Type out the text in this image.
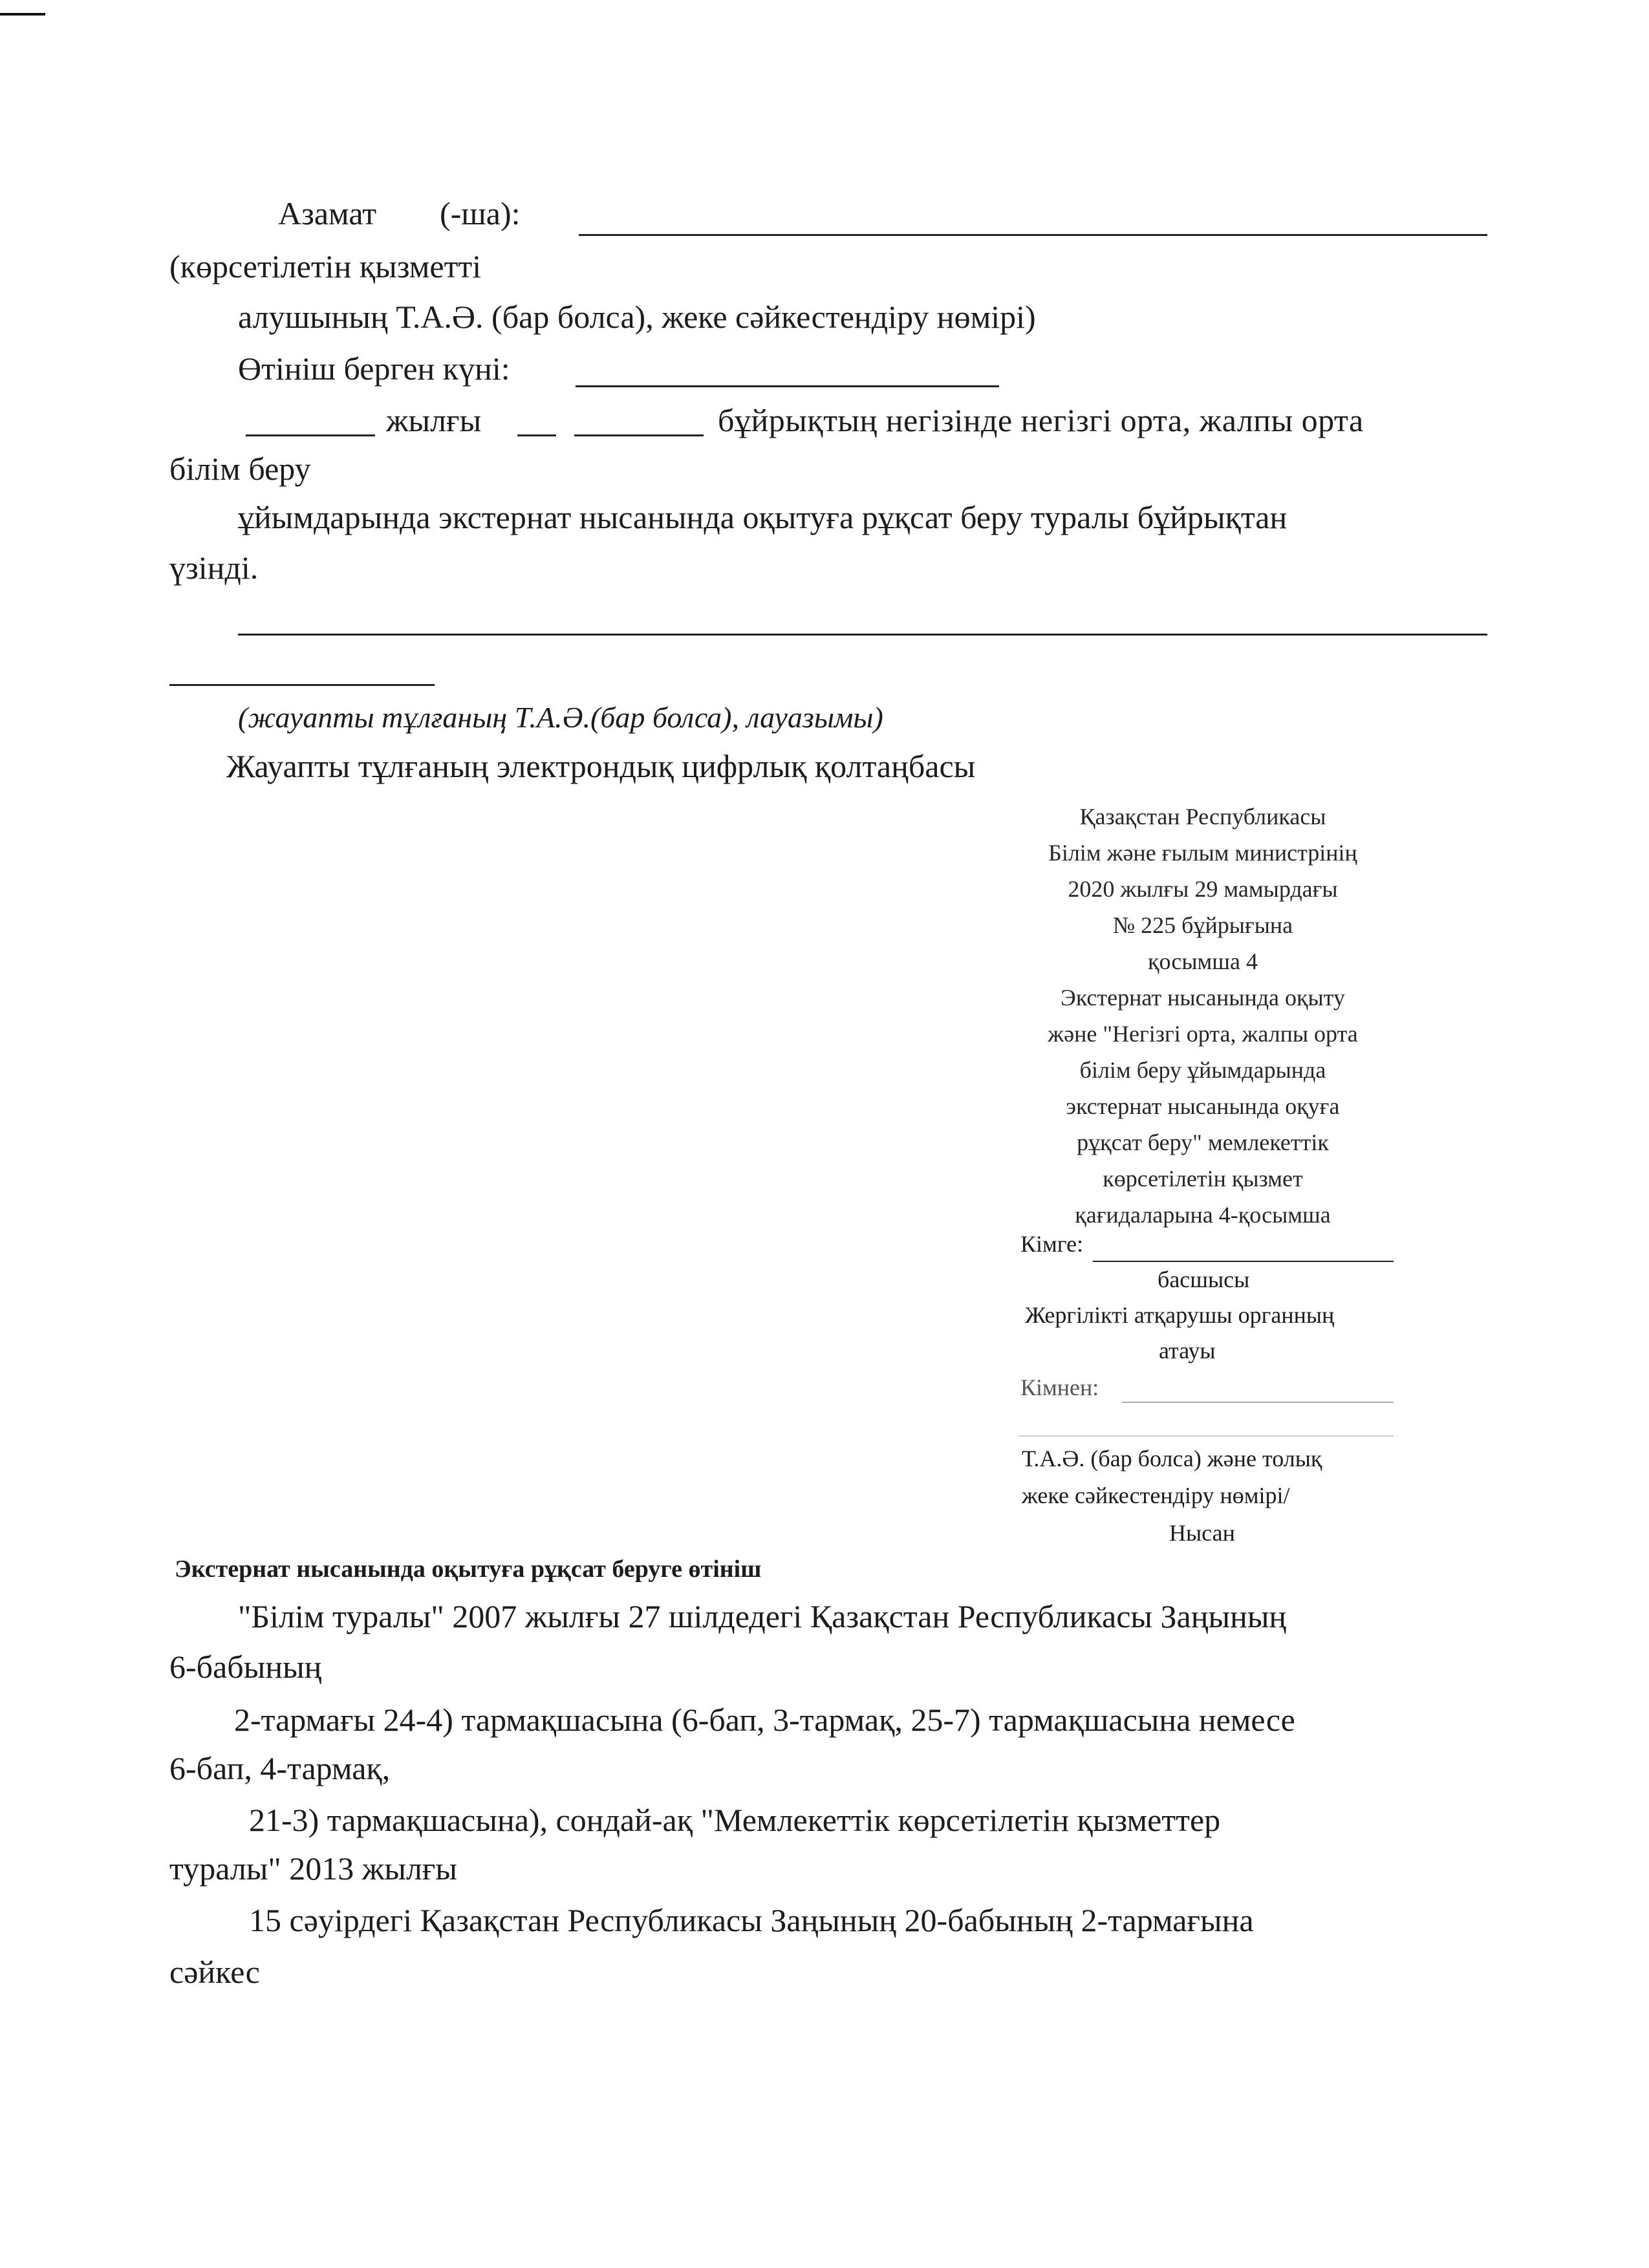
Азамат (-ша):
(көрсетілетін қызметті
алушының Т.А.Ә. (бар болса), жеке сәйкестендіру нөмірі)
Өтініш берген күні:
жылғы	бұйрықтың негізінде негізгі орта, жалпы орта
білім беру
ұйымдарында экстернат нысанында оқытуға рұқсат беру туралы бұйрықтан
үзінді.
(жауапты тұлғаның Т.А.Ә.(бар болса), лауазымы)
Жауапты тұлғаның электрондық цифрлық қолтаңбасы
Қазақстан Республикасы
Білім және ғылым министрінің
2020 жылғы 29 мамырдағы
№ 225 бұйрығына
қосымша 4
Экстернат нысанында оқыту
және "Негізгі орта, жалпы орта
білім беру ұйымдарында
экстернат нысанында оқуға
рұқсат беру" мемлекеттік
көрсетілетін қызмет
қағидаларына 4-қосымша
Кімге:
басшысы
Жергілікті атқарушы органның
атауы
Кімнен:
Т.А.Ә. (бар болса) және толық
жеке сәйкестендіру нөмірі/
Нысан
Экстернат нысанында оқытуға рұқсат беруге өтініш
"Білім туралы" 2007 жылғы 27 шілдедегі Қазақстан Республикасы Заңының
6-бабының
2-тармағы 24-4) тармақшасына (6-бап, 3-тармақ, 25-7) тармақшасына немесе
6-бап, 4-тармақ,
21-3) тармақшасына), сондай-ақ "Мемлекеттік көрсетілетін қызметтер
туралы" 2013 жылғы
15 сәуірдегі Қазақстан Республикасы Заңының 20-бабының 2-тармағына
сәйкес
